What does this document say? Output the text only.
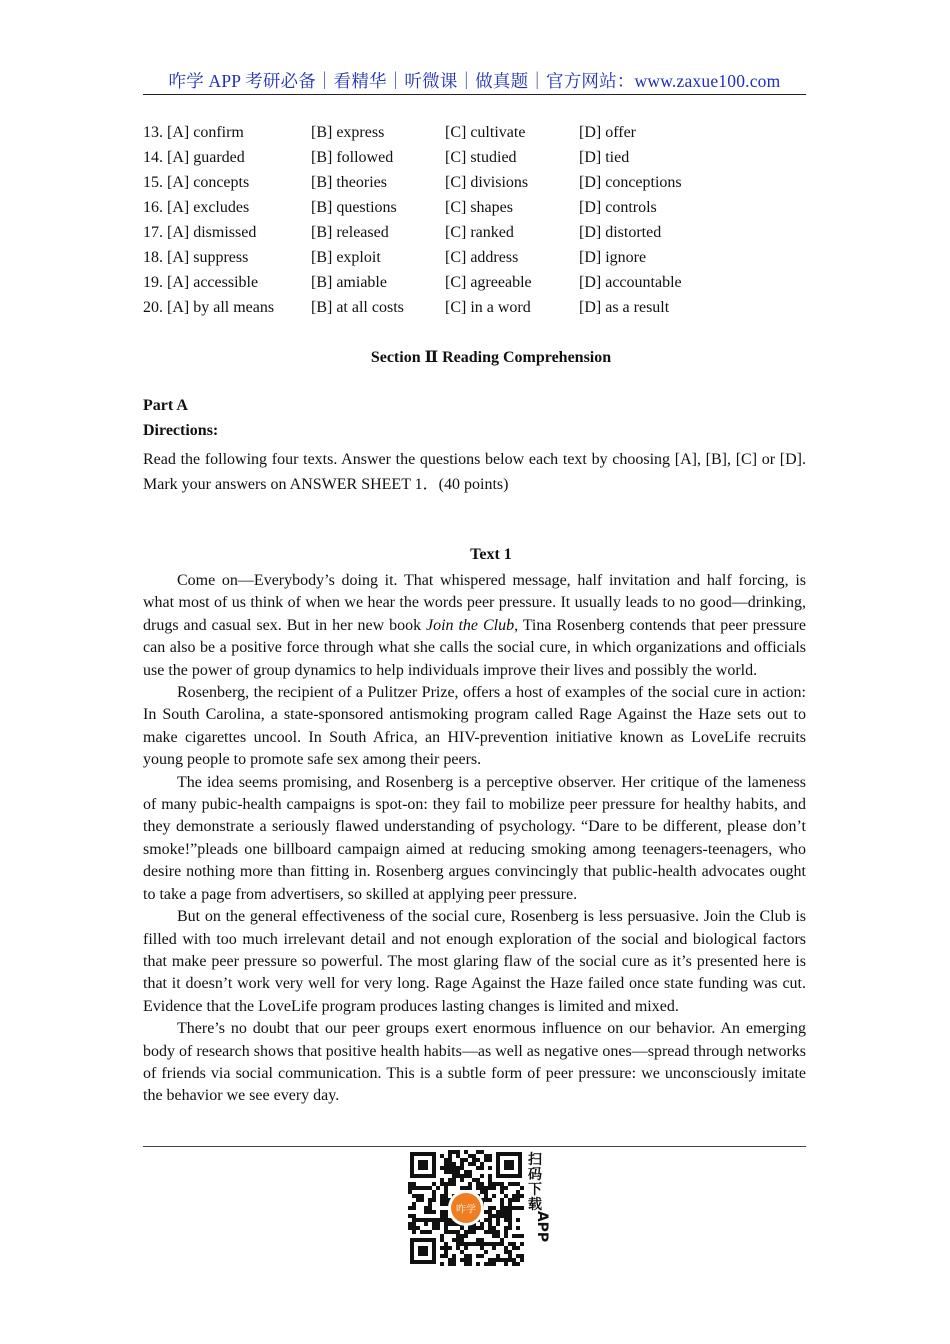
咋学 APP 考研必备｜看精华｜听微课｜做真题｜官方网站：www.zaxue100.com
13. [A] confirm	[B] express	[C] cultivate	[D] offer
14. [A] guarded	[B] followed	[C] studied	[D] tied
15. [A] concepts	[B] theories	[C] divisions	[D] conceptions
16. [A] excludes	[B] questions	[C] shapes	[D] controls
17. [A] dismissed	[B] released	[C] ranked	[D] distorted
18. [A] suppress	[B] exploit	[C] address	[D] ignore
19. [A] accessible	[B] amiable	[C] agreeable	[D] accountable
20. [A] by all means [B] at all costs	[C] in a word	[D] as a result
Section Ⅱ Reading Comprehension
Part A
Directions:
Read the following four texts. Answer the questions below each text by choosing [A], [B], [C] or [D]. Mark your answers on ANSWER SHEET 1．(40 points)
Text 1

Come on—Everybody’s doing it. That whispered message, half invitation and half forcing, is what most of us think of when we hear the words peer pressure. It usually leads to no good—drinking, drugs and casual sex. But in her new book Join the Club, Tina Rosenberg contends that peer pressure can also be a positive force through what she calls the social cure, in which organizations and officials use the power of group dynamics to help individuals improve their lives and possibly the world.

Rosenberg, the recipient of a Pulitzer Prize, offers a host of examples of the social cure in action: In South Carolina, a state-sponsored antismoking program called Rage Against the Haze sets out to make cigarettes uncool. In South Africa, an HIV-prevention initiative known as LoveLife recruits young people to promote safe sex among their peers.

The idea seems promising, and Rosenberg is a perceptive observer. Her critique of the lameness of many pubic-health campaigns is spot-on: they fail to mobilize peer pressure for healthy habits, and they demonstrate a seriously flawed understanding of psychology. “Dare to be different, please don’t smoke!”pleads one billboard campaign aimed at reducing smoking among teenagers-teenagers, who desire nothing more than fitting in. Rosenberg argues convincingly that public-health advocates ought to take a page from advertisers, so skilled at applying peer pressure.

But on the general effectiveness of the social cure, Rosenberg is less persuasive. Join the Club is filled with too much irrelevant detail and not enough exploration of the social and biological factors that make peer pressure so powerful. The most glaring flaw of the social cure as it’s presented here is that it doesn’t work very well for very long. Rage Against the Haze failed once state funding was cut. Evidence that the LoveLife program produces lasting changes is limited and mixed.

There’s no doubt that our peer groups exert enormous influence on our behavior. An emerging body of research shows that positive health habits—as well as negative ones—spread through networks of friends via social communication. This is a subtle form of peer pressure: we unconsciously imitate the behavior we see every day.

咋学
扫码下载
APP
